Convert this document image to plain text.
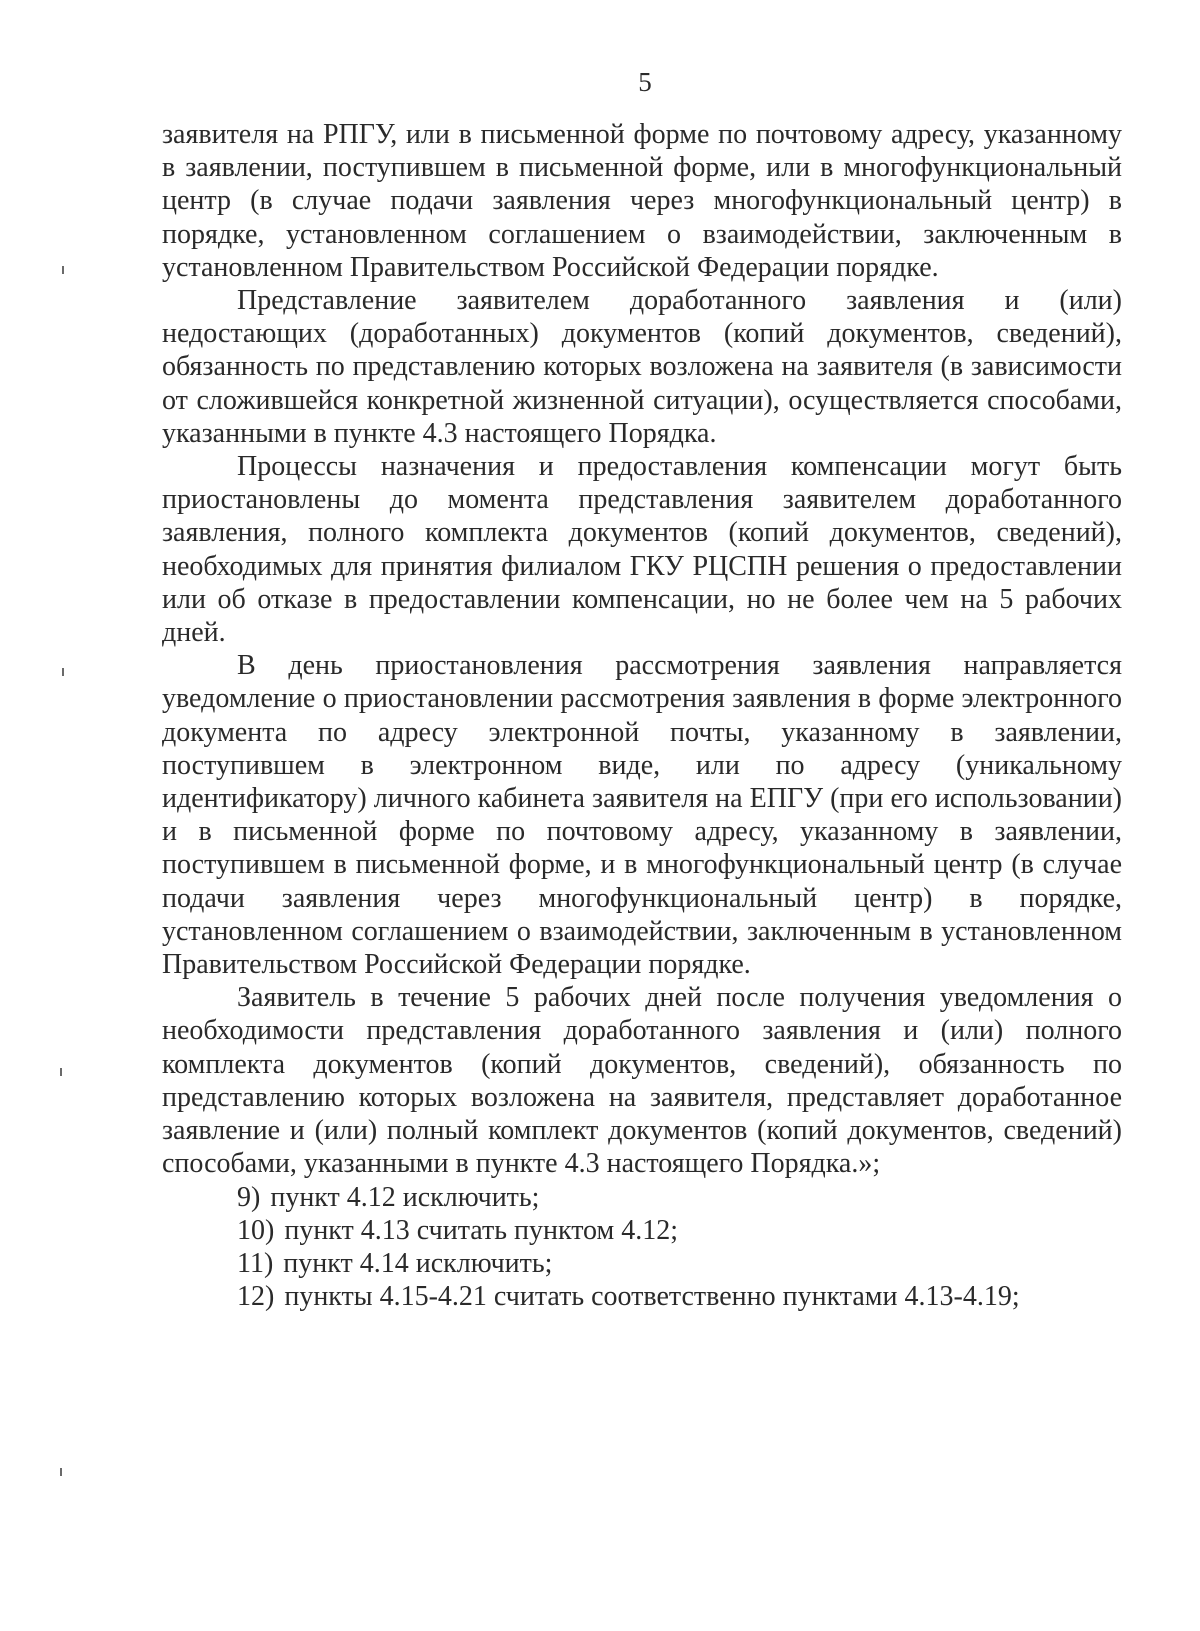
5

заявителя на РПГУ, или в письменной форме по почтовому адресу, указанному в заявлении, поступившем в письменной форме, или в многофункциональный центр (в случае подачи заявления через многофункциональный центр) в порядке, установленном соглашением о взаимодействии, заключенным в установленном Правительством Российской Федерации порядке.

Представление заявителем доработанного заявления и (или) недостающих (доработанных) документов (копий документов, сведений), обязанность по представлению которых возложена на заявителя (в зависимости от сложившейся конкретной жизненной ситуации), осуществляется способами, указанными в пункте 4.3 настоящего Порядка.

Процессы назначения и предоставления компенсации могут быть приостановлены до момента представления заявителем доработанного заявления, полного комплекта документов (копий документов, сведений), необходимых для принятия филиалом ГКУ РЦСПН решения о предоставлении или об отказе в предоставлении компенсации, но не более чем на 5 рабочих дней.

В день приостановления рассмотрения заявления направляется уведомление о приостановлении рассмотрения заявления в форме электронного документа по адресу электронной почты, указанному в заявлении, поступившем в электронном виде, или по адресу (уникальному идентификатору) личного кабинета заявителя на ЕПГУ (при его использовании) и в письменной форме по почтовому адресу, указанному в заявлении, поступившем в письменной форме, и в многофункциональный центр (в случае подачи заявления через многофункциональный центр) в порядке, установленном соглашением о взаимодействии, заключенным в установленном Правительством Российской Федерации порядке.

Заявитель в течение 5 рабочих дней после получения уведомления о необходимости представления доработанного заявления и (или) полного комплекта документов (копий документов, сведений), обязанность по представлению которых возложена на заявителя, представляет доработанное заявление и (или) полный комплект документов (копий документов, сведений) способами, указанными в пункте 4.3 настоящего Порядка.»;

9) пункт 4.12 исключить;
10) пункт 4.13 считать пунктом 4.12;
11) пункт 4.14 исключить;
12) пункты 4.15-4.21 считать соответственно пунктами 4.13-4.19;
